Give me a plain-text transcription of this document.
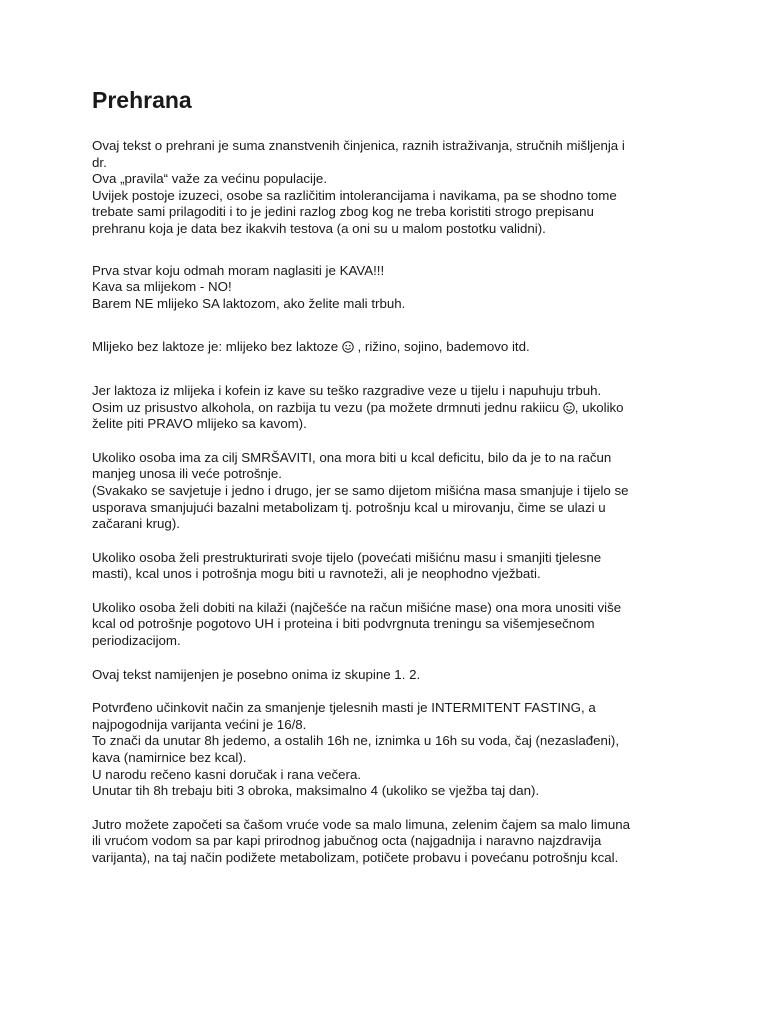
Prehrana

Ovaj tekst o prehrani je suma znanstvenih činjenica, raznih istraživanja, stručnih mišljenja i
dr.
Ova „pravila“ važe za većinu populacije.
Uvijek postoje izuzeci, osobe sa različitim intolerancijama i navikama, pa se shodno tome
trebate sami prilagoditi i to je jedini razlog zbog kog ne treba koristiti strogo prepisanu
prehranu koja je data bez ikakvih testova (a oni su u malom postotku validni).

Prva stvar koju odmah moram naglasiti je KAVA!!!
Kava sa mlijekom - NO!
Barem NE mlijeko SA laktozom, ako želite mali trbuh.

Mlijeko bez laktoze je: mlijeko bez laktoze
, rižino, sojino, bademovo itd.

Jer laktoza iz mlijeka i kofein iz kave su teško razgradive veze u tijelu i napuhuju trbuh.
Osim uz prisustvo alkohola, on razbija tu vezu (pa možete drmnuti jednu rakiicu
, ukoliko
želite piti PRAVO mlijeko sa kavom).

Ukoliko osoba ima za cilj SMRŠAVITI, ona mora biti u kcal deficitu, bilo da je to na račun
manjeg unosa ili veće potrošnje.
(Svakako se savjetuje i jedno i drugo, jer se samo dijetom mišićna masa smanjuje i tijelo se
usporava smanjujući bazalni metabolizam tj. potrošnju kcal u mirovanju, čime se ulazi u
začarani krug).

Ukoliko osoba želi prestrukturirati svoje tijelo (povećati mišićnu masu i smanjiti tjelesne
masti), kcal unos i potrošnja mogu biti u ravnoteži, ali je neophodno vježbati.

Ukoliko osoba želi dobiti na kilaži (najčešće na račun mišićne mase) ona mora unositi više
kcal od potrošnje pogotovo UH i proteina i biti podvrgnuta treningu sa višemjesečnom
periodizacijom.

Ovaj tekst namijenjen je posebno onima iz skupine 1. 2.

Potvrđeno učinkovit način za smanjenje tjelesnih masti je INTERMITENT FASTING, a
najpogodnija varijanta većini je 16/8.
To znači da unutar 8h jedemo, a ostalih 16h ne, iznimka u 16h su voda, čaj (nezaslađeni),
kava (namirnice bez kcal).
U narodu rečeno kasni doručak i rana večera.
Unutar tih 8h trebaju biti 3 obroka, maksimalno 4 (ukoliko se vježba taj dan).

Jutro možete započeti sa čašom vruće vode sa malo limuna, zelenim čajem sa malo limuna
ili vrućom vodom sa par kapi prirodnog jabučnog octa (najgadnija i naravno najzdravija
varijanta), na taj način podižete metabolizam, potičete probavu i povećanu potrošnju kcal.
